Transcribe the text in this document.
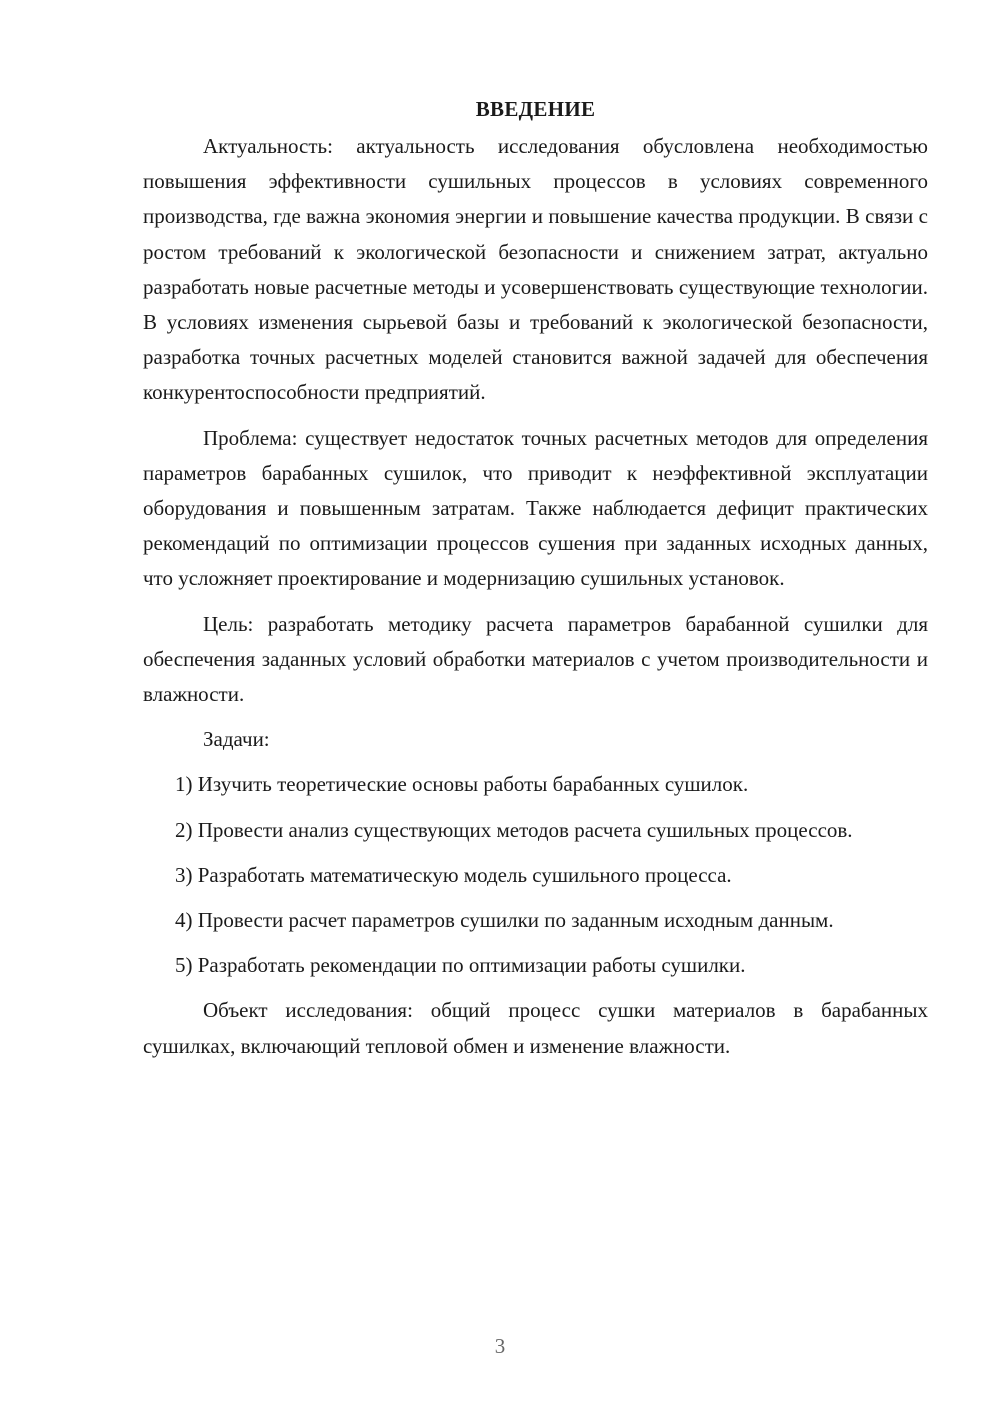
ВВЕДЕНИЕ

Актуальность: актуальность исследования обусловлена необходимостью повышения эффективности сушильных процессов в условиях современного производства, где важна экономия энергии и повышение качества продукции. В связи с ростом требований к экологической безопасности и снижением затрат, актуально разработать новые расчетные методы и усовершенствовать существующие технологии. В условиях изменения сырьевой базы и требований к экологической безопасности, разработка точных расчетных моделей становится важной задачей для обеспечения конкурентоспособности предприятий.

Проблема: существует недостаток точных расчетных методов для определения параметров барабанных сушилок, что приводит к неэффективной эксплуатации оборудования и повышенным затратам. Также наблюдается дефицит практических рекомендаций по оптимизации процессов сушения при заданных исходных данных, что усложняет проектирование и модернизацию сушильных установок.

Цель: разработать методику расчета параметров барабанной сушилки для обеспечения заданных условий обработки материалов с учетом производительности и влажности.

Задачи:

1) Изучить теоретические основы работы барабанных сушилок.

2) Провести анализ существующих методов расчета сушильных процессов.

3) Разработать математическую модель сушильного процесса.

4) Провести расчет параметров сушилки по заданным исходным данным.

5) Разработать рекомендации по оптимизации работы сушилки.

Объект исследования: общий процесс сушки материалов в барабанных сушилках, включающий тепловой обмен и изменение влажности.

3
